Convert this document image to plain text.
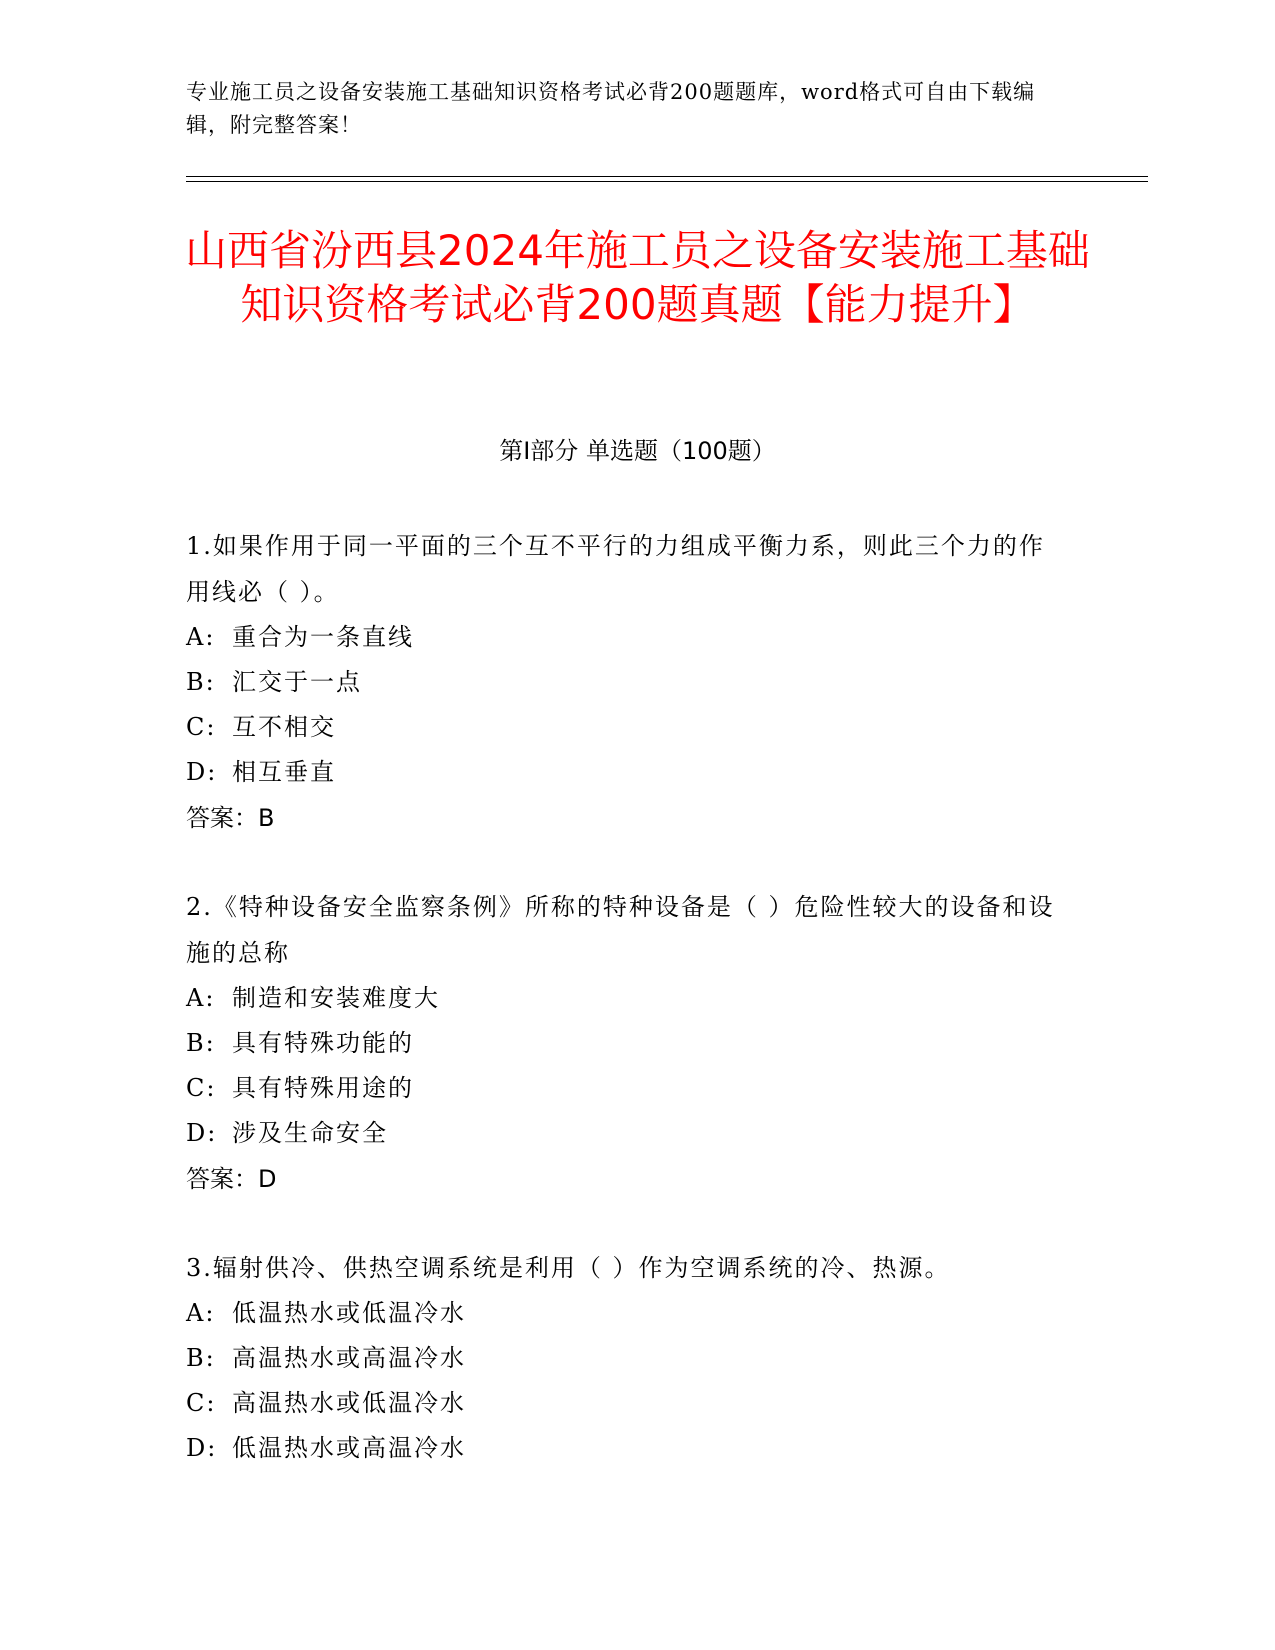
专业施工员之设备安装施工基础知识资格考试必背200题题库，word格式可自由下载编辑，附完整答案！
山西省汾西县2024年施工员之设备安装施工基础知识资格考试必背200题真题【能力提升】
第I部分 单选题（100题）

1.如果作用于同一平面的三个互不平行的力组成平衡力系，则此三个力的作用线必（ ）。

A: 重合为一条直线

B: 汇交于一点

C: 互不相交

D: 相互垂直

答案：B

2.《特种设备安全监察条例》所称的特种设备是（ ）危险性较大的设备和设施的总称

A: 制造和安装难度大

B: 具有特殊功能的

C: 具有特殊用途的

D: 涉及生命安全

答案：D

3.辐射供冷、供热空调系统是利用（ ）作为空调系统的冷、热源。

A: 低温热水或低温冷水

B: 高温热水或高温冷水

C: 高温热水或低温冷水

D: 低温热水或高温冷水
